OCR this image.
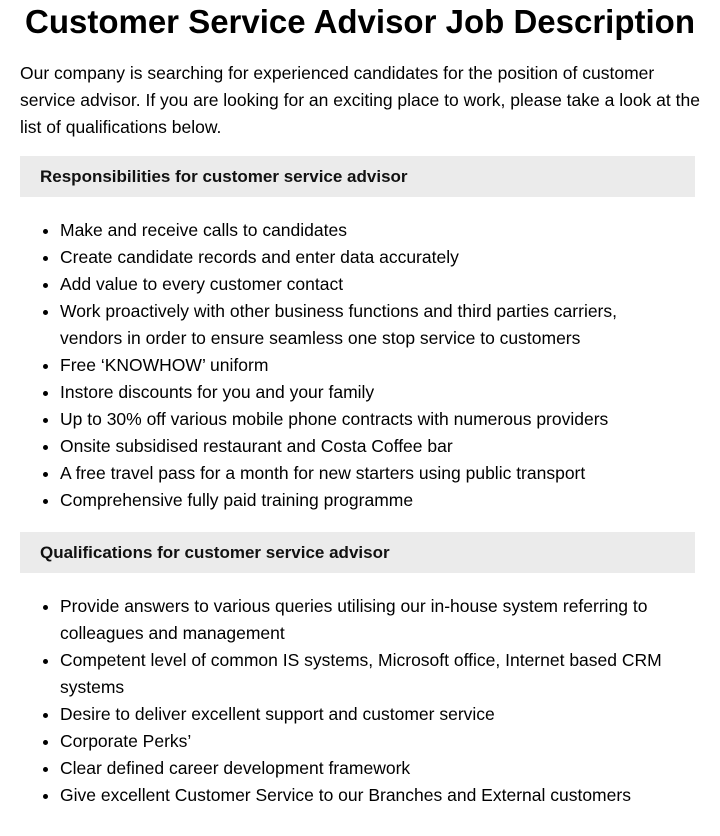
Customer Service Advisor Job Description

Our company is searching for experienced candidates for the position of customer service advisor. If you are looking for an exciting place to work, please take a look at the list of qualifications below.

Responsibilities for customer service advisor
• Make and receive calls to candidates
• Create candidate records and enter data accurately
• Add value to every customer contact
• Work proactively with other business functions and third parties carriers, vendors in order to ensure seamless one stop service to customers
• Free ‘KNOWHOW’ uniform
• Instore discounts for you and your family
• Up to 30% off various mobile phone contracts with numerous providers
• Onsite subsidised restaurant and Costa Coffee bar
• A free travel pass for a month for new starters using public transport
• Comprehensive fully paid training programme
Qualifications for customer service advisor
• Provide answers to various queries utilising our in-house system referring to colleagues and management
• Competent level of common IS systems, Microsoft office, Internet based CRM systems
• Desire to deliver excellent support and customer service
• Corporate Perks’
• Clear defined career development framework
• Give excellent Customer Service to our Branches and External customers
